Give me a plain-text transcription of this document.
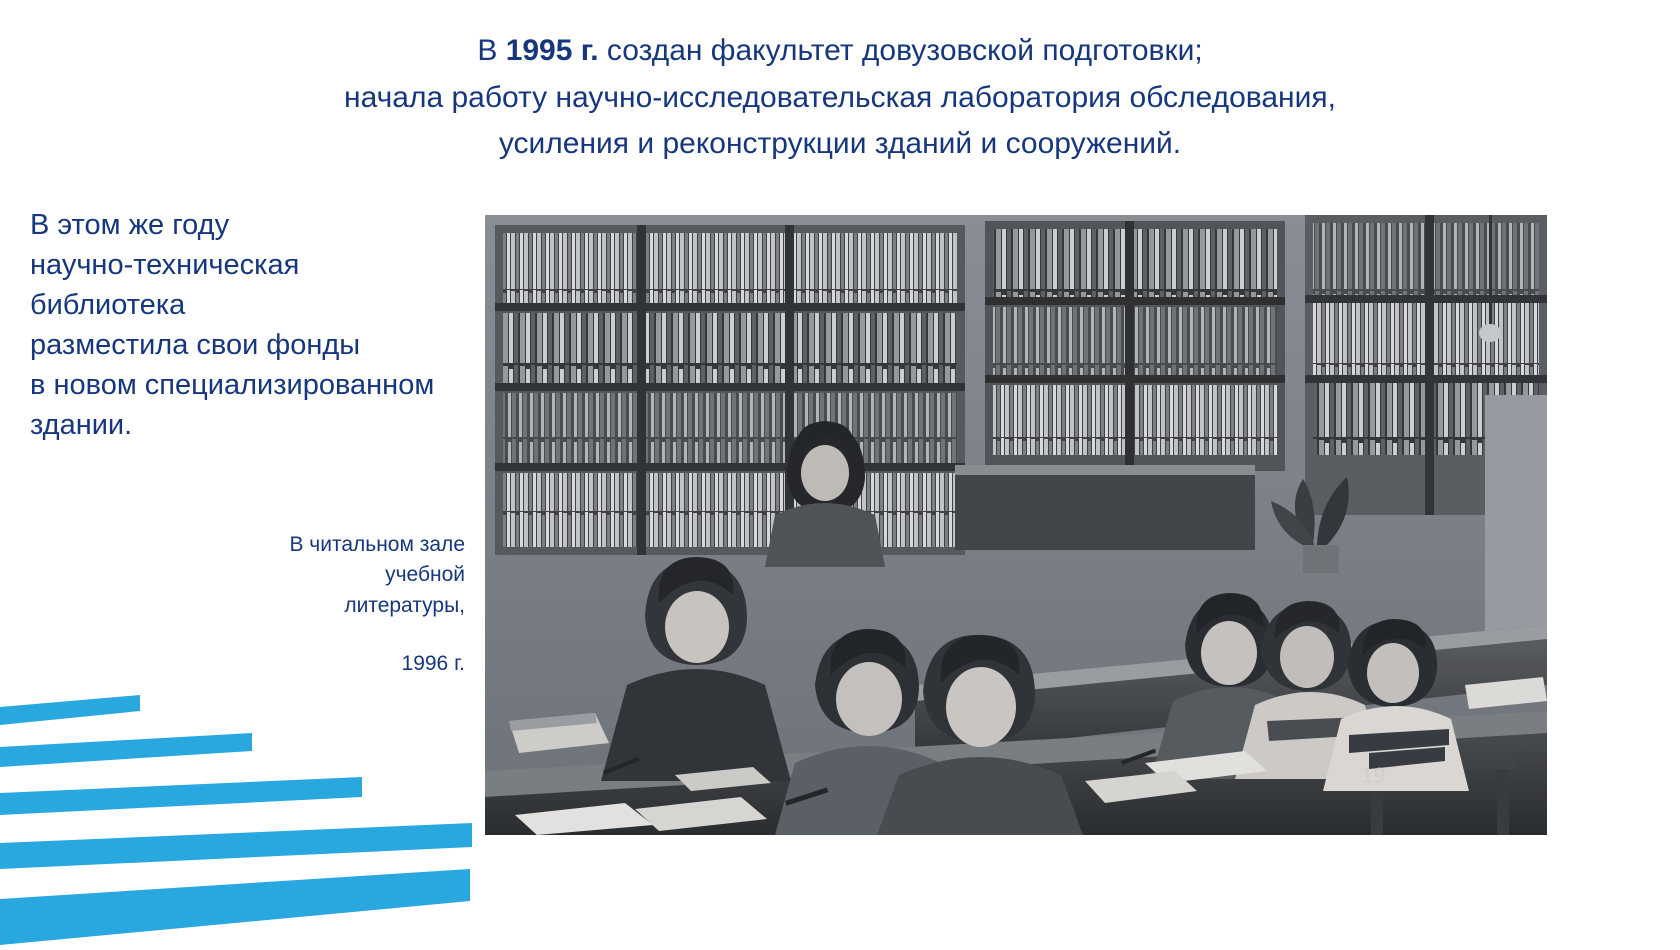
В 1995 г. создан факультет довузовской подготовки;
начала работу научно-исследовательская лаборатория обследования,
усиления и реконструкции зданий и сооружений.
В этом же году
научно-техническая
библиотека
разместила свои фонды
в новом специализированном
здании.
В читальном зале
учебной
литературы,
1996 г.
19
